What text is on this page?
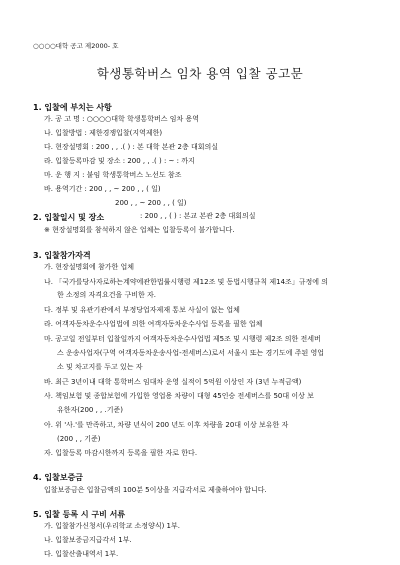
○○○○대학 공고 제2000- 호
학생통학버스 임차 용역 입찰 공고문
1. 입찰에 부치는 사항
가. 공 고 명 : ○○○○대학 학생통학버스 임차 용역
나. 입찰방법 : 제한경쟁입찰(지역제한)
다. 현장설명회 : 200 , , .( ) : 본 대학 본관 2층 대회의실
라. 입찰등록마감 및 장소 : 200 , , .( ) : ~ : 까지
마. 운 행 지 : 붙임 학생통학버스 노선도 참조
바. 용역기간 : 200 , , ~ 200 , , ( 일)
200 , , ~ 200 , , ( 일)
2. 입찰일시 및 장소	: 200 , , ( ) : 본교 본관 2층 대회의실
※ 현장설명회를 참석하지 않은 업체는 입찰등록이 불가합니다.
3. 입찰참가자격
가. 현장설명회에 참가한 업체
나. 「국가를당사자로하는계약에관한법률시행령 제12조 및 동법시행규칙 제14조」규정에 의
한 소정의 자격요건을 구비한 자.
다. 정부 및 유관기관에서 부정당업자제재 통보 사실이 없는 업체
라. 여객자동차운수사업법에 의한 여객자동차운수사업 등록을 필한 업체
마. 공고일 전일부터 입찰일까지 여객자동차운수사업법 제5조 및 시행령 제2조 의한 전세버
스 운송사업자(구역 여객자동차운송사업-전세버스)로서 서울시 또는 경기도에 주된 영업
소 및 차고지를 두고 있는 자
바. 최근 3년이내 대학 통학버스 임대차 운영 실적이 5억원 이상인 자 (3년 누적금액)
사. 책임보험 및 종합보험에 가입한 영업용 차량이 대형 45인승 전세버스를 50대 이상 보
유한자(200 , , .기준)
아. 위 '사.'를 만족하고, 차량 년식이 200 년도 이후 차량을 20대 이상 보유한 자
(200 , , 기준)
자. 입찰등록 마감시한까지 등록을 필한 자로 한다.
4. 입찰보증금
입찰보증금은 입찰금액의 100분 5이상을 지급각서로 제출하여야 합니다.
5. 입찰 등록 시 구비 서류
가. 입찰참가신청서(우리학교 소정양식) 1부.
나. 입찰보증금지급각서 1부.
다. 입찰산출내역서 1부.
